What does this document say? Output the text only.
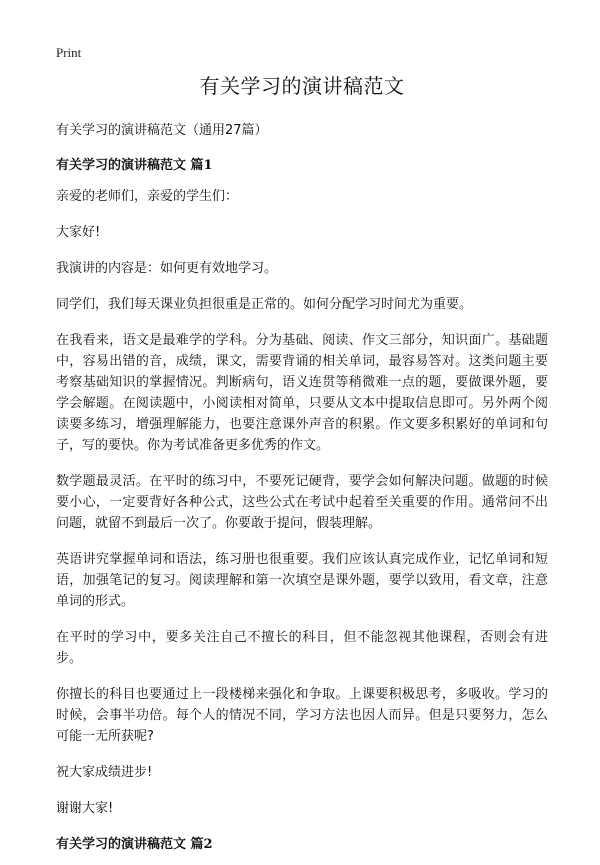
Print
有关学习的演讲稿范文

有关学习的演讲稿范文（通用27篇）

有关学习的演讲稿范文 篇1

亲爱的老师们，亲爱的学生们：

大家好!

我演讲的内容是：如何更有效地学习。

同学们，我们每天课业负担很重是正常的。如何分配学习时间尤为重要。

在我看来，语文是最难学的学科。分为基础、阅读、作文三部分，知识面广。基础题中，容易出错的音，成绩，课文，需要背诵的相关单词，最容易答对。这类问题主要考察基础知识的掌握情况。判断病句，语义连贯等稍微难一点的题，要做课外题，要学会解题。在阅读题中，小阅读相对简单，只要从文本中提取信息即可。另外两个阅读要多练习，增强理解能力，也要注意课外声音的积累。作文要多积累好的单词和句子，写的要快。你为考试准备更多优秀的作文。

数学题最灵活。在平时的练习中，不要死记硬背，要学会如何解决问题。做题的时候要小心，一定要背好各种公式，这些公式在考试中起着至关重要的作用。通常问不出问题，就留不到最后一次了。你要敢于提问，假装理解。

英语讲究掌握单词和语法，练习册也很重要。我们应该认真完成作业，记忆单词和短语，加强笔记的复习。阅读理解和第一次填空是课外题，要学以致用，看文章，注意单词的形式。

在平时的学习中，要多关注自己不擅长的科目，但不能忽视其他课程，否则会有进步。

你擅长的科目也要通过上一段楼梯来强化和争取。上课要积极思考，多吸收。学习的时候，会事半功倍。每个人的情况不同，学习方法也因人而异。但是只要努力，怎么可能一无所获呢?

祝大家成绩进步!

谢谢大家!

有关学习的演讲稿范文 篇2
